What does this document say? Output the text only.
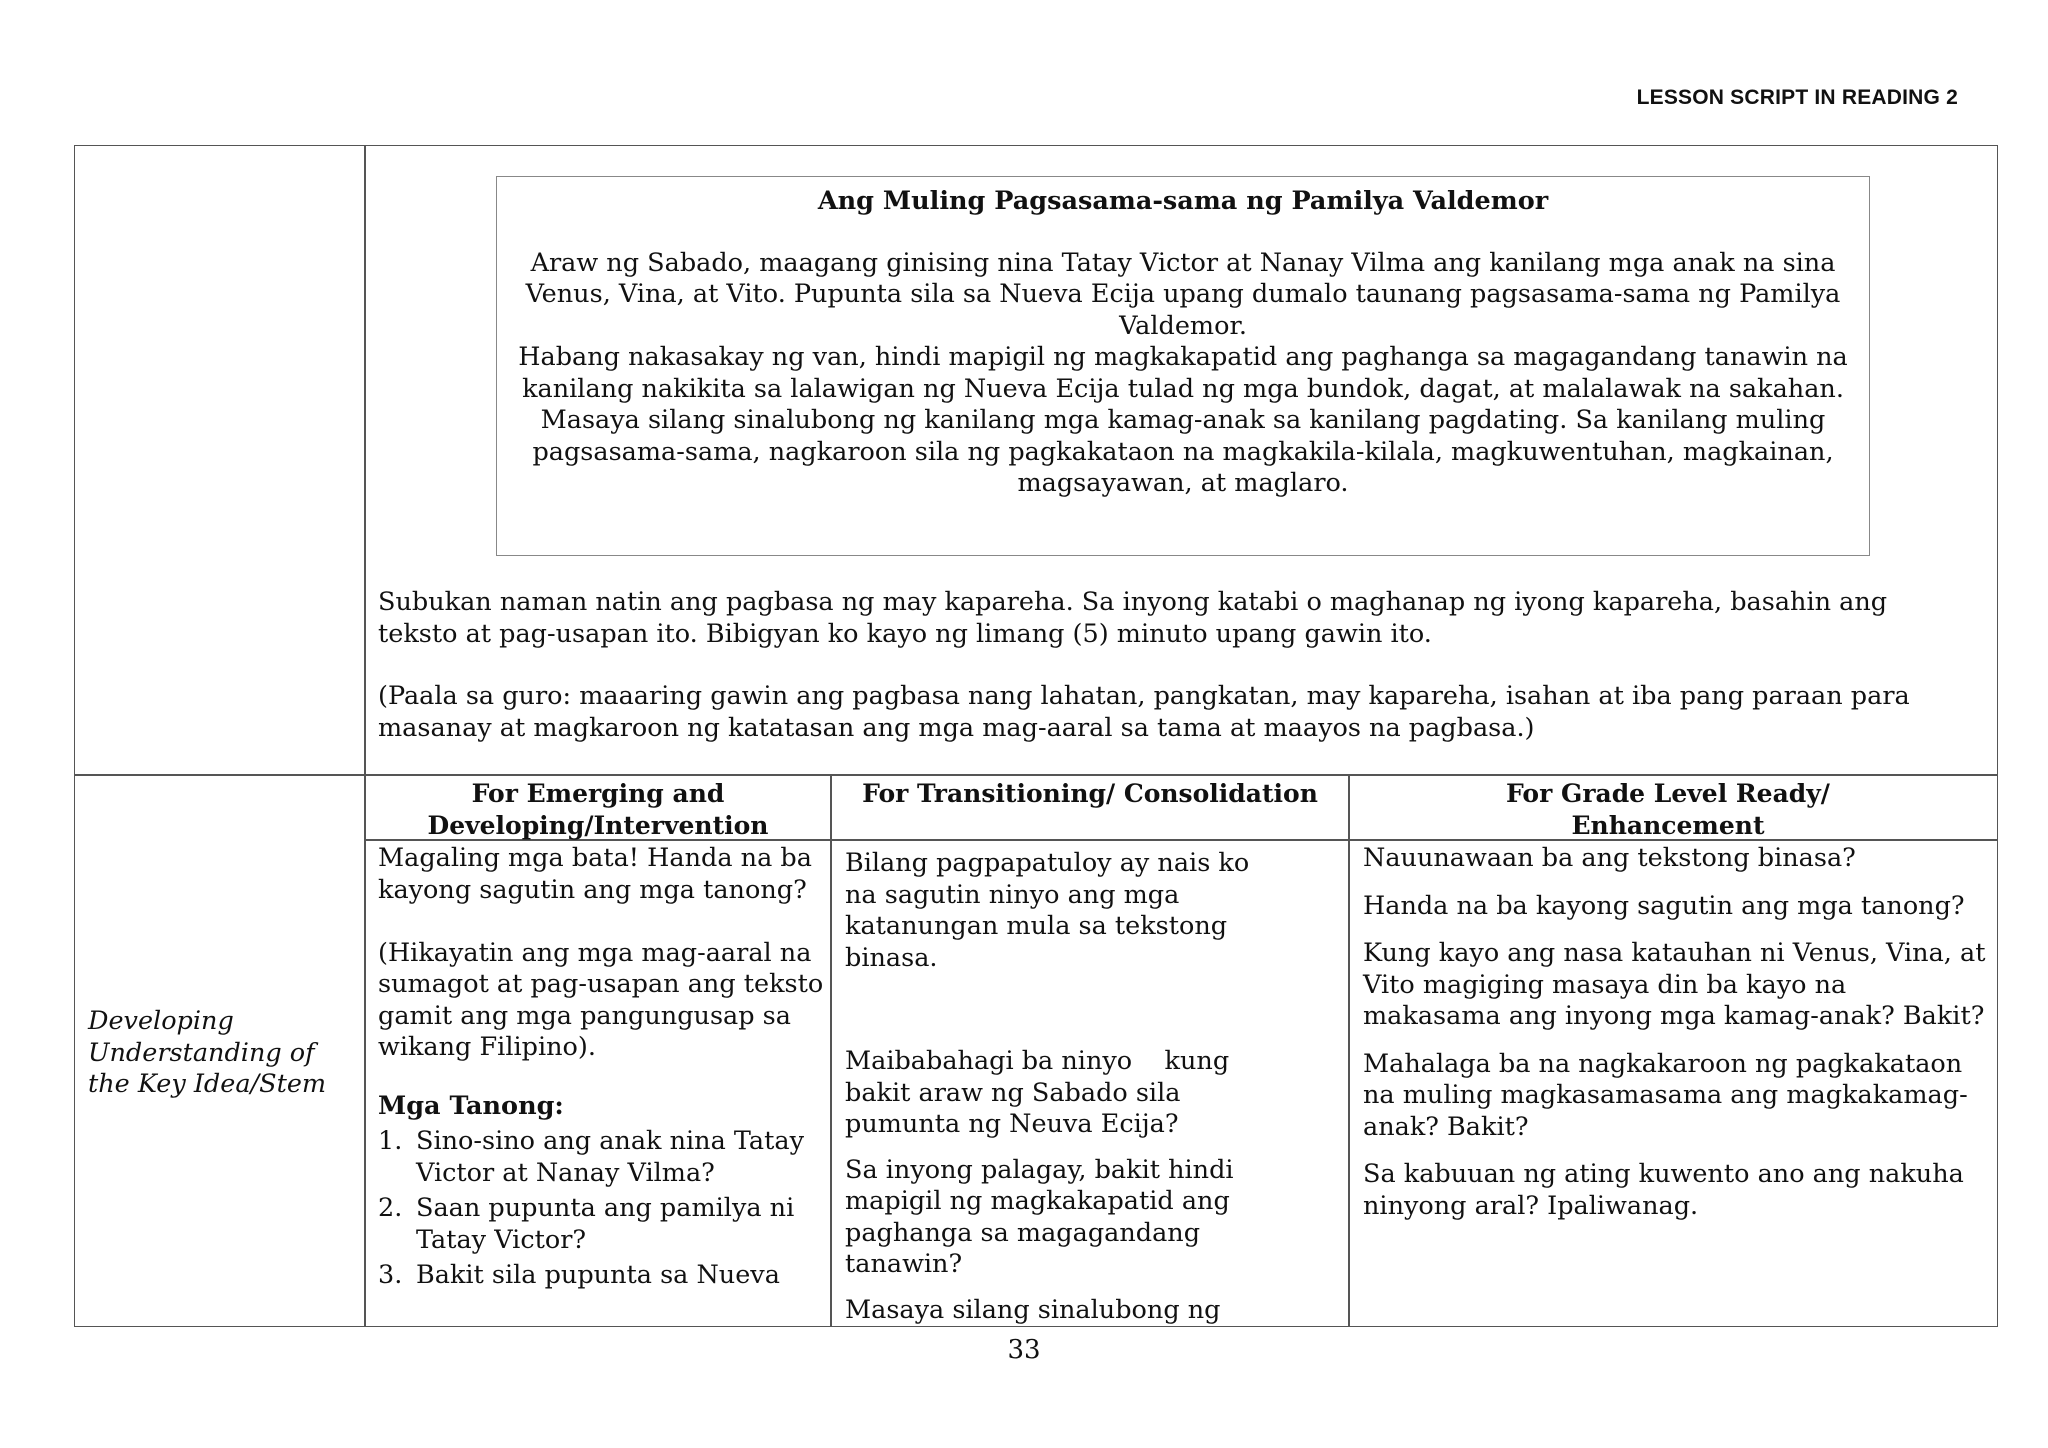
LESSON SCRIPT IN READING 2
Ang Muling Pagsasama-sama ng Pamilya Valdemor

Araw ng Sabado, maagang ginising nina Tatay Victor at Nanay Vilma ang kanilang mga anak na sina Venus, Vina, at Vito. Pupunta sila sa Nueva Ecija upang dumalo taunang pagsasama-sama ng Pamilya Valdemor.

Habang nakasakay ng van, hindi mapigil ng magkakapatid ang paghanga sa magagandang tanawin na kanilang nakikita sa lalawigan ng Nueva Ecija tulad ng mga bundok, dagat, at malalawak na sakahan.

Masaya silang sinalubong ng kanilang mga kamag-anak sa kanilang pagdating. Sa kanilang muling pagsasama-sama, nagkaroon sila ng pagkakataon na magkakila-kilala, magkuwentuhan, magkainan, magsayawan, at maglaro.

Subukan naman natin ang pagbasa ng may kapareha. Sa inyong katabi o maghanap ng iyong kapareha, basahin ang teksto at pag-usapan ito. Bibigyan ko kayo ng limang (5) minuto upang gawin ito.
(Paala sa guro: maaaring gawin ang pagbasa nang lahatan, pangkatan, may kapareha, isahan at iba pang paraan para masanay at magkaroon ng katatasan ang mga mag-aaral sa tama at maayos na pagbasa.)
For Emerging and Developing/Intervention
For Transitioning/ Consolidation	For Grade Level Ready/ Enhancement
Developing Understanding of the Key Idea/Stem

Magaling mga bata! Handa na ba kayong sagutin ang mga tanong?

(Hikayatin ang mga mag-aaral na sumagot at pag-usapan ang teksto gamit ang mga pangungusap sa wikang Filipino).

Mga Tanong:

1. Sino-sino ang anak nina Tatay Victor at Nanay Vilma?
2. Saan pupunta ang pamilya ni Tatay Victor?
3. Bakit sila pupunta sa Nueva

Bilang pagpapatuloy ay nais ko na sagutin ninyo ang mga katanungan mula sa tekstong binasa.

Maibabahagi ba ninyo    kung bakit araw ng Sabado sila pumunta ng Neuva Ecija?

Sa inyong palagay, bakit hindi mapigil ng magkakapatid ang paghanga sa magagandang tanawin?

Masaya silang sinalubong ng

Nauunawaan ba ang tekstong binasa?

Handa na ba kayong sagutin ang mga tanong?

Kung kayo ang nasa katauhan ni Venus, Vina, at Vito magiging masaya din ba kayo na makasama ang inyong mga kamag-anak? Bakit?

Mahalaga ba na nagkakaroon ng pagkakataon na muling magkasamasama ang magkakamag-anak? Bakit?

Sa kabuuan ng ating kuwento ano ang nakuha ninyong aral? Ipaliwanag.

33
